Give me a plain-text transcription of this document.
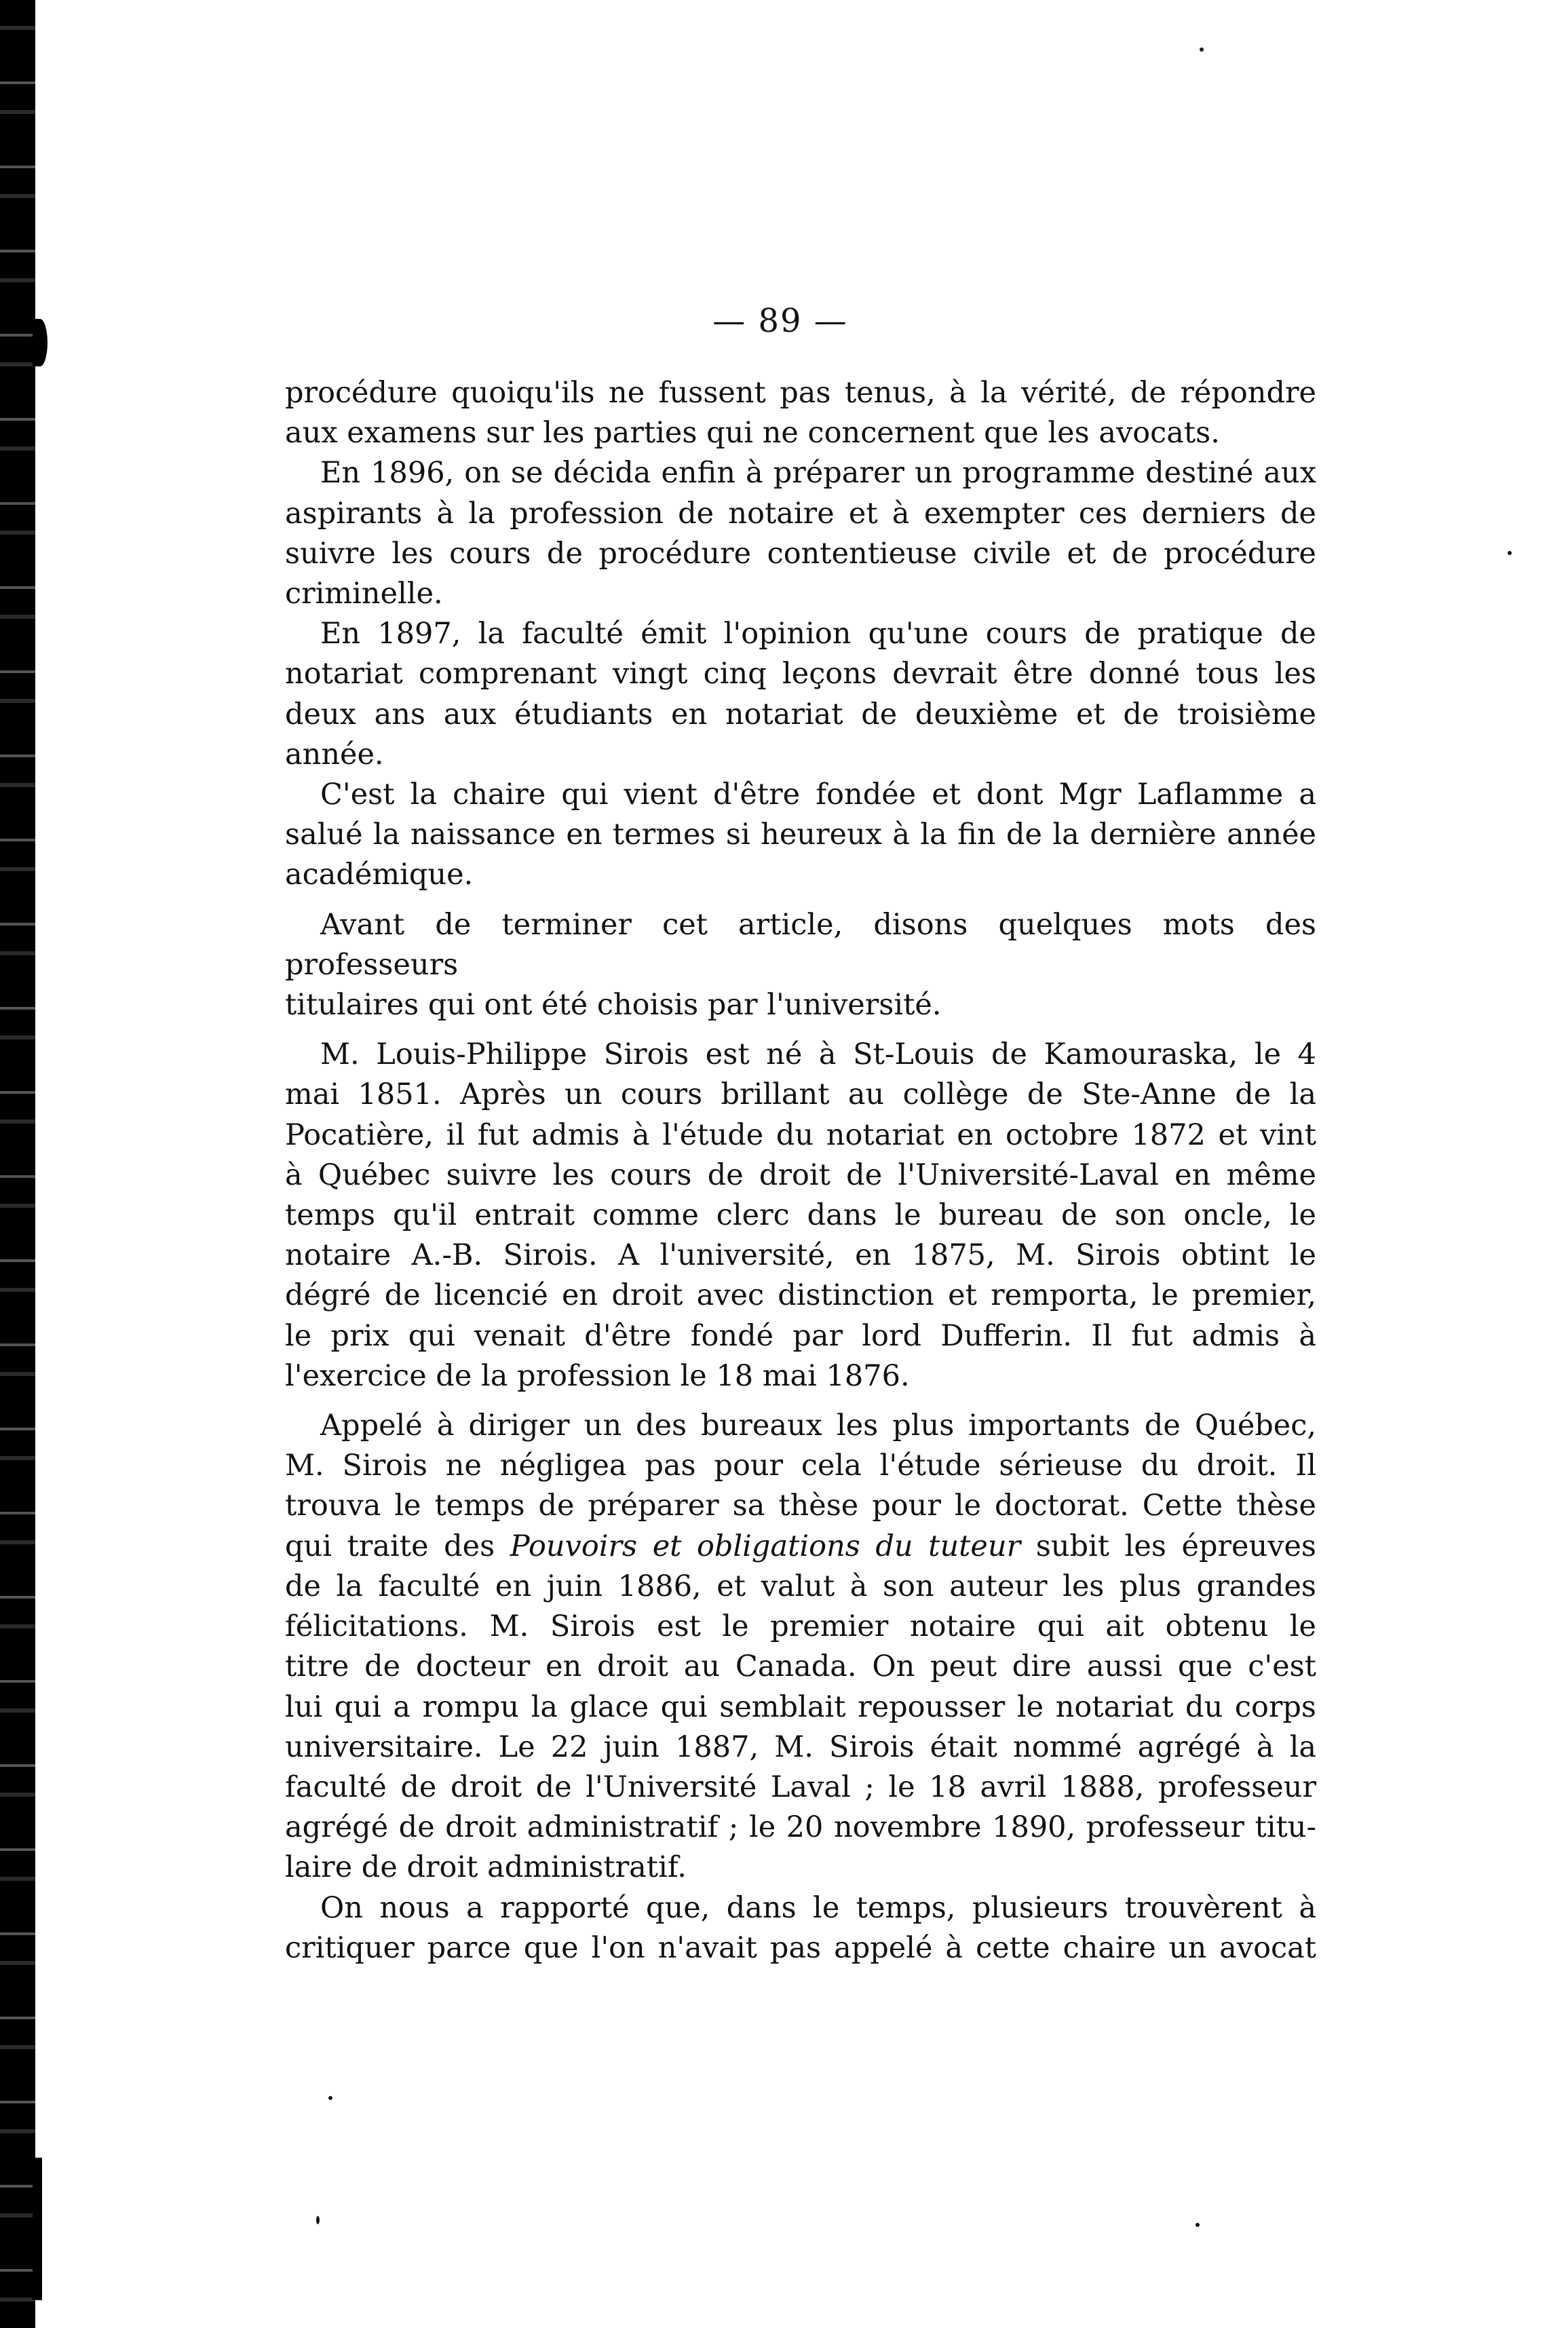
— 89 —

procédure quoiqu'ils ne fussent pas tenus, à la vérité, de répondre

aux examens sur les parties qui ne concernent que les avocats.

En 1896, on se décida enfin à préparer un programme destiné aux

aspirants à la profession de notaire et à exempter ces derniers de

suivre les cours de procédure contentieuse civile et de procédure

criminelle.

En 1897, la faculté émit l'opinion qu'une cours de pratique de

notariat comprenant vingt cinq leçons devrait être donné tous les

deux ans aux étudiants en notariat de deuxième et de troisième

année.

C'est la chaire qui vient d'être fondée et dont Mgr Laflamme a

salué la naissance en termes si heureux à la fin de la dernière année

académique.

Avant de terminer cet article, disons quelques mots des professeurs

titulaires qui ont été choisis par l'université.

M. Louis-Philippe Sirois est né à St-Louis de Kamouraska, le 4

mai 1851. Après un cours brillant au collège de Ste-Anne de la

Pocatière, il fut admis à l'étude du notariat en octobre 1872 et vint

à Québec suivre les cours de droit de l'Université-Laval en même

temps qu'il entrait comme clerc dans le bureau de son oncle, le

notaire A.-B. Sirois. A l'université, en 1875, M. Sirois obtint le

dégré de licencié en droit avec distinction et remporta, le premier,

le prix qui venait d'être fondé par lord Dufferin. Il fut admis à

l'exercice de la profession le 18 mai 1876.

Appelé à diriger un des bureaux les plus importants de Québec,

M. Sirois ne négligea pas pour cela l'étude sérieuse du droit. Il

trouva le temps de préparer sa thèse pour le doctorat. Cette thèse

qui traite des Pouvoirs et obligations du tuteur subit les épreuves

de la faculté en juin 1886, et valut à son auteur les plus grandes

félicitations. M. Sirois est le premier notaire qui ait obtenu le

titre de docteur en droit au Canada. On peut dire aussi que c'est

lui qui a rompu la glace qui semblait repousser le notariat du corps

universitaire. Le 22 juin 1887, M. Sirois était nommé agrégé à la

faculté de droit de l'Université Laval ; le 18 avril 1888, professeur

agrégé de droit administratif ; le 20 novembre 1890, professeur titu-

laire de droit administratif.

On nous a rapporté que, dans le temps, plusieurs trouvèrent à

critiquer parce que l'on n'avait pas appelé à cette chaire un avocat
